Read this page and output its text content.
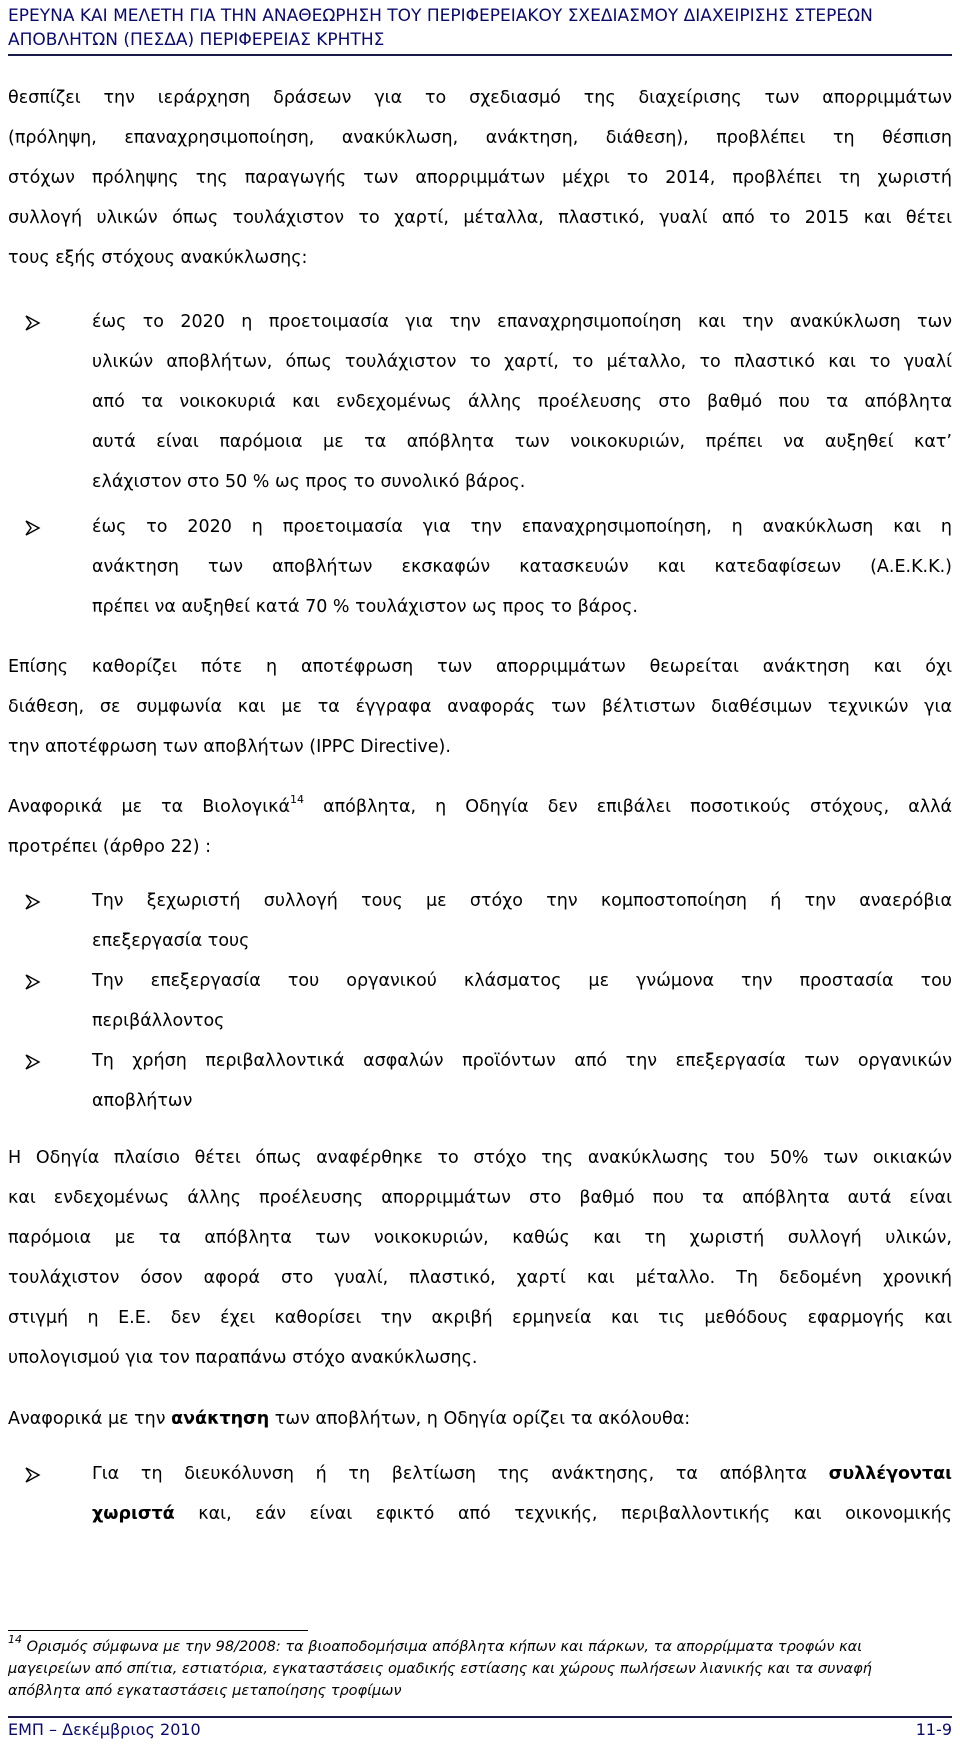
ΕΡΕΥΝΑ ΚΑΙ ΜΕΛΕΤΗ ΓΙΑ ΤΗΝ ΑΝΑΘΕΩΡΗΣΗ ΤΟΥ ΠΕΡΙΦΕΡΕΙΑΚΟΥ ΣΧΕΔΙΑΣΜΟΥ ΔΙΑΧΕΙΡΙΣΗΣ ΣΤΕΡΕΩΝ
ΑΠΟΒΛΗΤΩΝ (ΠΕΣΔΑ) ΠΕΡΙΦΕΡΕΙΑΣ ΚΡΗΤΗΣ
θεσπίζει την ιεράρχηση δράσεων για το σχεδιασμό της διαχείρισης των απορριμμάτων
(πρόληψη, επαναχρησιμοποίηση, ανακύκλωση, ανάκτηση, διάθεση), προβλέπει τη θέσπιση
στόχων πρόληψης της παραγωγής των απορριμμάτων μέχρι το 2014, προβλέπει τη χωριστή
συλλογή υλικών όπως τουλάχιστον το χαρτί, μέταλλα, πλαστικό, γυαλί από το 2015 και θέτει
τους εξής στόχους ανακύκλωσης:
έως το 2020 η προετοιμασία για την επαναχρησιμοποίηση και την ανακύκλωση των
υλικών αποβλήτων, όπως τουλάχιστον το χαρτί, το μέταλλο, το πλαστικό και το γυαλί
από τα νοικοκυριά και ενδεχομένως άλλης προέλευσης στο βαθμό που τα απόβλητα
αυτά είναι παρόμοια με τα απόβλητα των νοικοκυριών, πρέπει να αυξηθεί κατ’
ελάχιστον στο 50 % ως προς το συνολικό βάρος.
έως το 2020 η προετοιμασία για την επαναχρησιμοποίηση, η ανακύκλωση και η
ανάκτηση των αποβλήτων εκσκαφών κατασκευών και κατεδαφίσεων (Α.Ε.Κ.Κ.)
πρέπει να αυξηθεί κατά 70 % τουλάχιστον ως προς το βάρος.
Επίσης καθορίζει πότε η αποτέφρωση των απορριμμάτων θεωρείται ανάκτηση και όχι
διάθεση, σε συμφωνία και με τα έγγραφα αναφοράς των βέλτιστων διαθέσιμων τεχνικών για
την αποτέφρωση των αποβλήτων (IPPC Directive).
Αναφορικά με τα Βιολογικά$^{14}$ απόβλητα, η Οδηγία δεν επιβάλει ποσοτικούς στόχους, αλλά
προτρέπει (άρθρο 22) :
Την ξεχωριστή συλλογή τους με στόχο την κομποστοποίηση ή την αναερόβια
επεξεργασία τους
Την επεξεργασία του οργανικού κλάσματος με γνώμονα την προστασία του
περιβάλλοντος
Τη χρήση περιβαλλοντικά ασφαλών προϊόντων από την επεξεργασία των οργανικών
αποβλήτων
Η Οδηγία πλαίσιο θέτει όπως αναφέρθηκε το στόχο της ανακύκλωσης του 50% των οικιακών
και ενδεχομένως άλλης προέλευσης απορριμμάτων στο βαθμό που τα απόβλητα αυτά είναι
παρόμοια με τα απόβλητα των νοικοκυριών, καθώς και τη χωριστή συλλογή υλικών,
τουλάχιστον όσον αφορά στο γυαλί, πλαστικό, χαρτί και μέταλλο. Τη δεδομένη χρονική
στιγμή η Ε.Ε. δεν έχει καθορίσει την ακριβή ερμηνεία και τις μεθόδους εφαρμογής και
υπολογισμού για τον παραπάνω στόχο ανακύκλωσης.
Αναφορικά με την ανάκτηση των αποβλήτων, η Οδηγία ορίζει τα ακόλουθα:
Για τη διευκόλυνση ή τη βελτίωση της ανάκτησης, τα απόβλητα συλλέγονται
χωριστά και, εάν είναι εφικτό από τεχνικής, περιβαλλοντικής και οικονομικής
$^{14}$ Ορισμός σύμφωνα με την 98/2008: τα βιοαποδομήσιμα απόβλητα κήπων και πάρκων, τα απορρίμματα τροφών και
μαγειρείων από σπίτια, εστιατόρια, εγκαταστάσεις ομαδικής εστίασης και χώρους πωλήσεων λιανικής και τα συναφή
απόβλητα από εγκαταστάσεις μεταποίησης τροφίμων
ΕΜΠ – Δεκέμβριος 2010	11-9
